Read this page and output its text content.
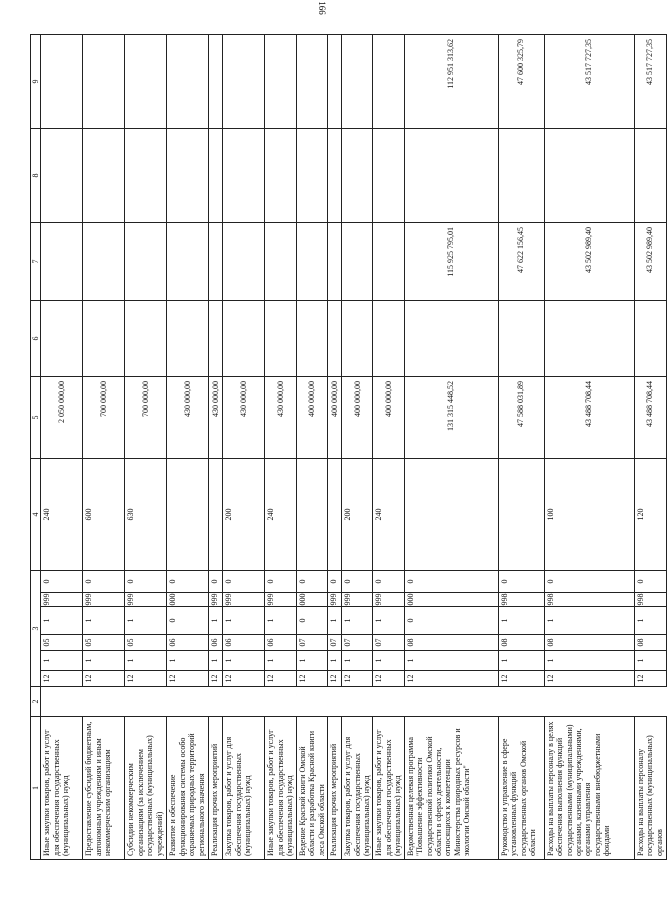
166
1	2	3						4	5	6	7	8	9	
Иные закупки товаров, работ и услуг для обеспечения государственных (муниципальных) нужд		12	1	05	1	999	0	240	2 050 000,00					
Предоставление субсидий бюджетным, автономным учреждениям и иным некоммерческим организациям		12	1	05	1	999	0	600	700 000,00					
Субсидии некоммерческим организациям (за исключением государственных (муниципальных) учреждений)		12	1	05	1	999	0	630	700 000,00					
Развитие и обеспечение функционирования системы особо охраняемых природных территорий регионального значения		12	1	06	0	000	0		430 000,00					
Реализация прочих мероприятий		12	1	06	1	999	0		430 000,00					
Закупка товаров, работ и услуг для обеспечения государственных (муниципальных) нужд		12	1	06	1	999	0	200	430 000,00					
Иные закупки товаров, работ и услуг для обеспечения государственных (муниципальных) нужд		12	1	06	1	999	0	240	430 000,00					
Ведение Красной книги Омской области и разработка Красной книги леса Омской области		12	1	07	0	000	0		400 000,00					
Реализация прочих мероприятий		12	1	07	1	999	0		400 000,00					
Закупка товаров, работ и услуг для обеспечения государственных (муниципальных) нужд		12	1	07	1	999	0	200	400 000,00					
Иные закупки товаров, работ и услуг для обеспечения государственных (муниципальных) нужд		12	1	07	1	999	0	240	400 000,00					
Ведомственная целевая программа "Повышение эффективности государственной политики Омской области в сферах деятельности, относящихся к компетенции Министерства природных ресурсов и экологии Омской области"		12	1	08	0	000	0		131 315 448,52		115 925 795,01		112 951 313,62	
Руководство и управление в сфере установленных функций государственных органов Омской области		12	1	08	1	998	0		47 588 031,89		47 622 156,45		47 600 325,79	
Расходы на выплаты персоналу в целях обеспечения выполнения функций государственными (муниципальными) органами, казенными учреждениями, органами управления государственными внебюджетными фондами		12	1	08	1	998	0	100	43 488 708,44		43 502 989,40		43 517 727,35	
Расходы на выплаты персоналу государственных (муниципальных) органов		12	1	08	1	998	0	120	43 488 708,44		43 502 989,40		43 517 727,35	
